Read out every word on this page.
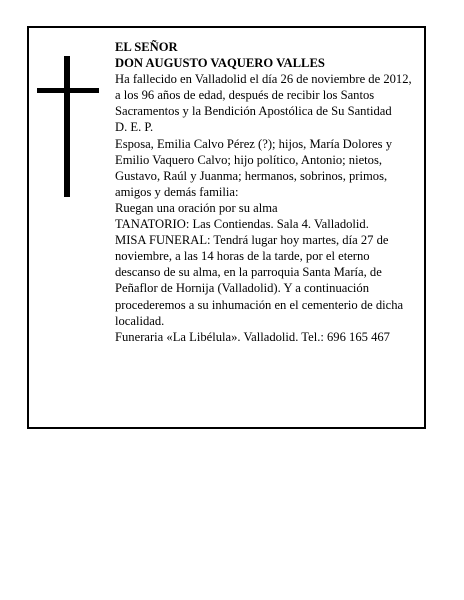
EL SEÑOR

DON AUGUSTO VAQUERO VALLES

Ha fallecido en Valladolid el día 26 de noviembre de 2012, a los 96 años de edad, después de recibir los Santos Sacramentos y la Bendición Apostólica de Su Santidad

D. E. P.

Esposa, Emilia Calvo Pérez (?); hijos, María Dolores y Emilio Vaquero Calvo; hijo político, Antonio; nietos, Gustavo, Raúl y Juanma; hermanos, sobrinos, primos, amigos y demás familia:

Ruegan una oración por su alma

TANATORIO: Las Contiendas. Sala 4. Valladolid.

MISA FUNERAL: Tendrá lugar hoy martes, día 27 de noviembre, a las 14 horas de la tarde, por el eterno descanso de su alma, en la parroquia Santa María, de Peñaflor de Hornija (Valladolid). Y a continuación procederemos a su inhumación en el cementerio de dicha localidad.

Funeraria «La Libélula». Valladolid. Tel.: 696 165 467
